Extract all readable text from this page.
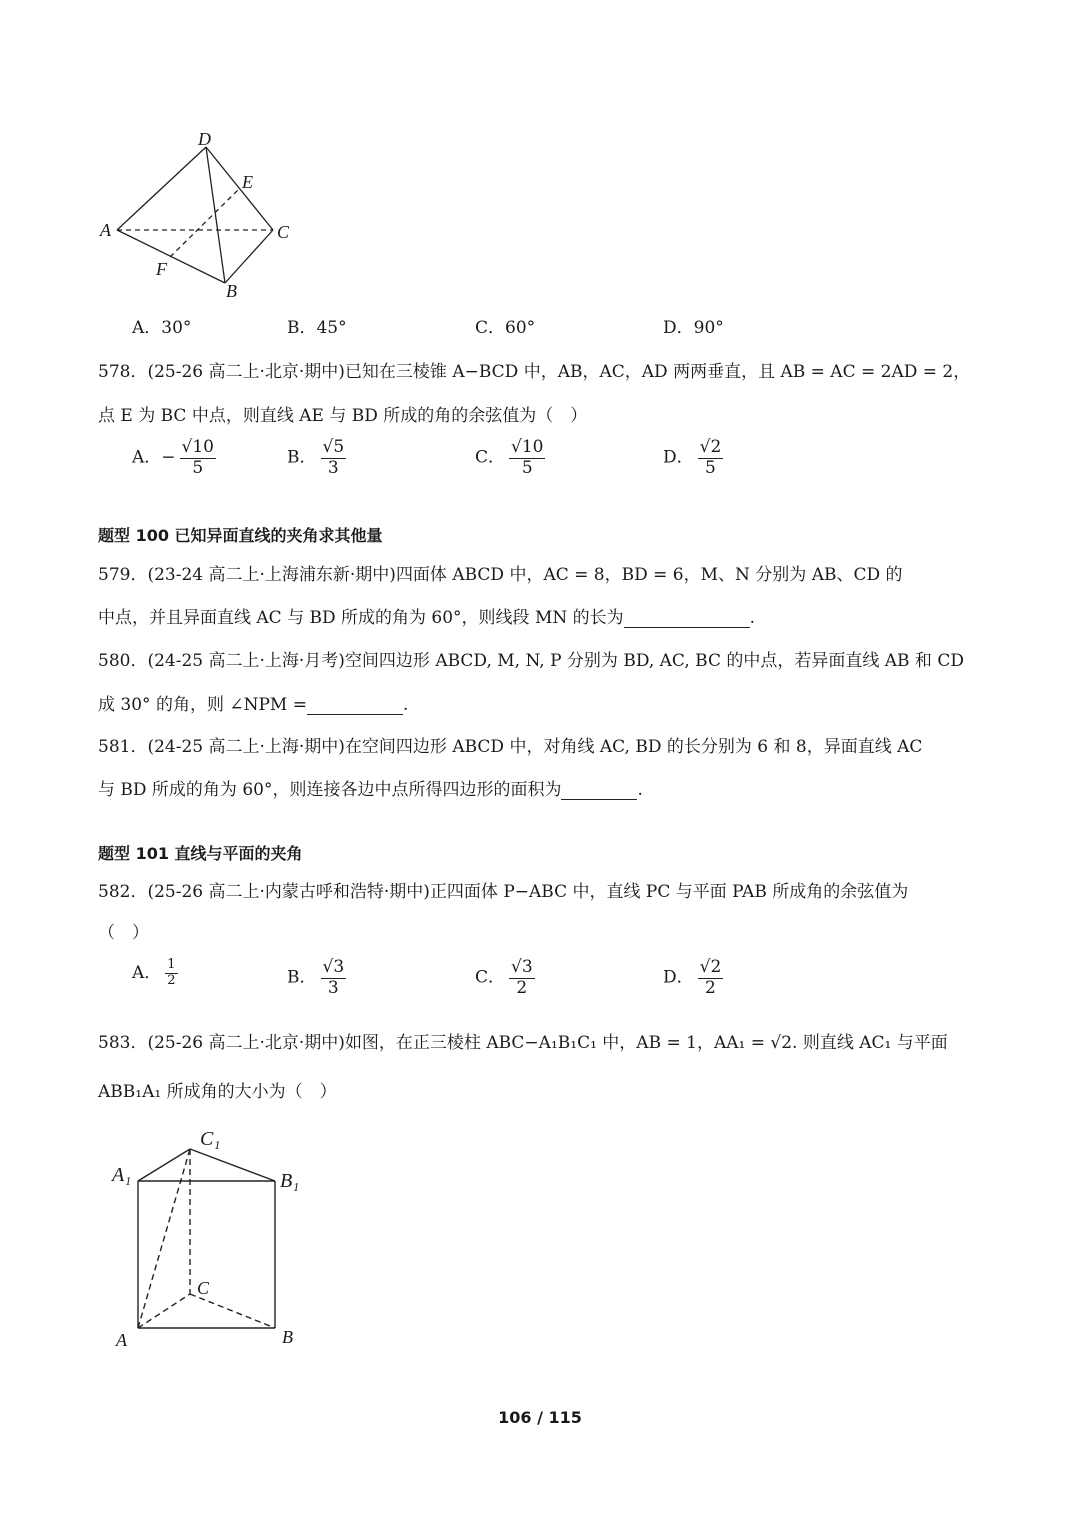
D
E
A	C
F
B
A．30°	B．45°	C．60°	D．90°
578．(25-26 高二上·北京·期中)已知在三棱锥 A−BCD 中，AB，AC，AD 两两垂直，且 AB = AC = 2AD = 2，
点 E 为 BC 中点，则直线 AE 与 BD 所成的角的余弦值为（　）
A．− $\frac{√10}{5}$	B． $\frac{√5}{3}$	C． $\frac{√10}{5}$	D． $\frac{√2}{5}$
题型 100 已知异面直线的夹角求其他量
579．(23-24 高二上·上海浦东新·期中)四面体 ABCD 中，AC = 8，BD = 6，M、N 分别为 AB、CD 的
中点，并且异面直线 AC 与 BD 所成的角为 60°，则线段 MN 的长为	.
580．(24-25 高二上·上海·月考)空间四边形 ABCD, M, N, P 分别为 BD, AC, BC 的中点，若异面直线 AB 和 CD
成 30° 的角，则 ∠NPM =	.
581．(24-25 高二上·上海·期中)在空间四边形 ABCD 中，对角线 AC, BD 的长分别为 6 和 8，异面直线 AC
与 BD 所成的角为 60°，则连接各边中点所得四边形的面积为	.
题型 101 直线与平面的夹角
582．(25-26 高二上·内蒙古呼和浩特·期中)正四面体 P−ABC 中，直线 PC 与平面 PAB 所成角的余弦值为
（　）
A． $\frac{1}{2}$	B． $\frac{√3}{3}$	C． $\frac{√3}{2}$	D． $\frac{√2}{2}$
583．(25-26 高二上·北京·期中)如图，在正三棱柱 ABC−A₁B₁C₁ 中，AB = 1，AA₁ = √2. 则直线 AC₁ 与平面
ABB₁A₁ 所成角的大小为（　）
C₁
A₁	B₁
C
A	B
106 / 115
